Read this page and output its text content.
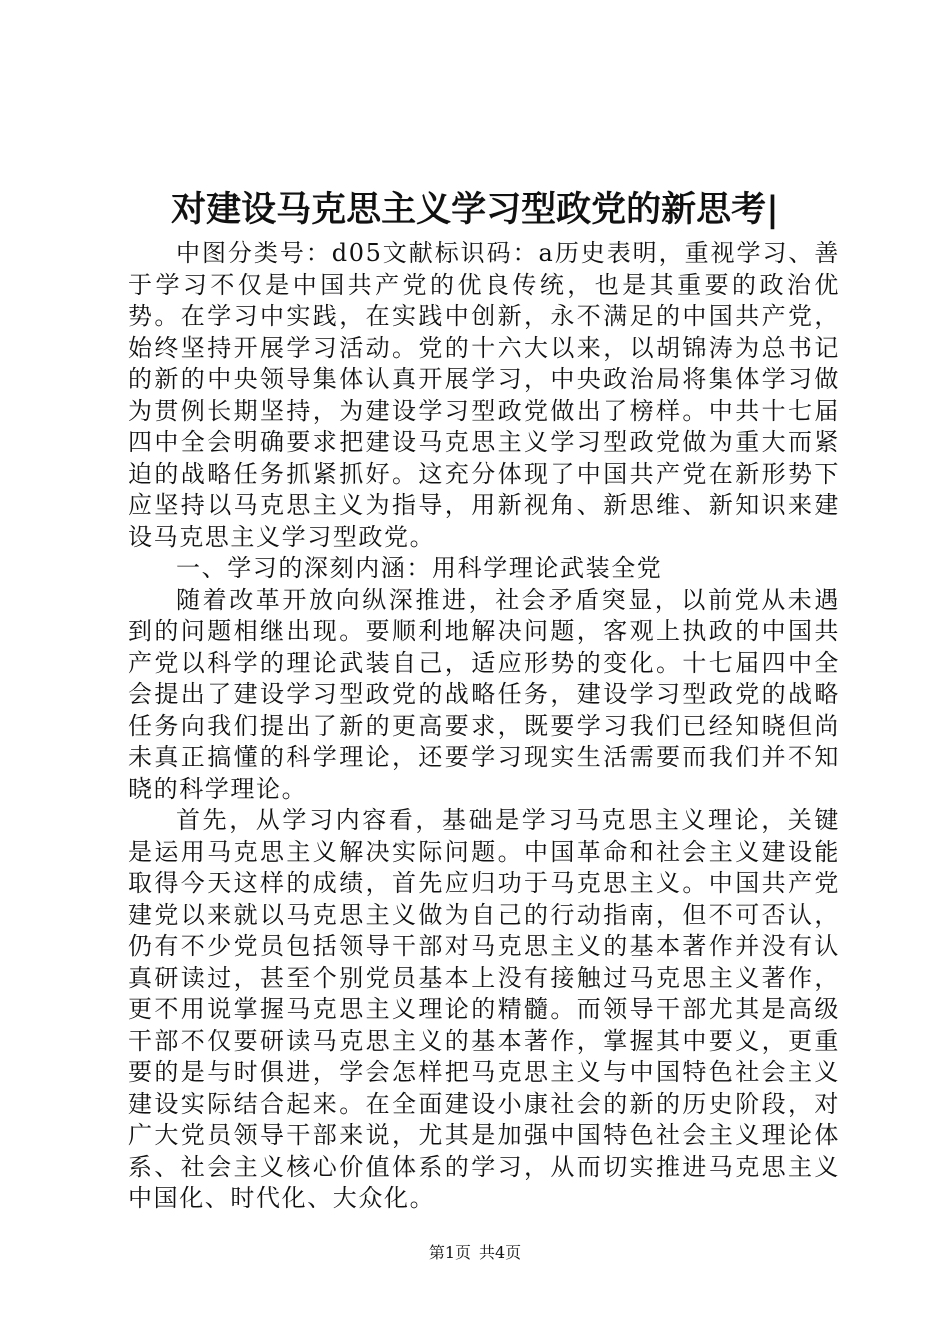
对建设马克思主义学习型政党的新思考|

中图分类号：d05文献标识码：a历史表明，重视学习、善于学习不仅是中国共产党的优良传统，也是其重要的政治优势。在学习中实践，在实践中创新，永不满足的中国共产党，始终坚持开展学习活动。党的十六大以来，以胡锦涛为总书记的新的中央领导集体认真开展学习，中央政治局将集体学习做为贯例长期坚持，为建设学习型政党做出了榜样。中共十七届四中全会明确要求把建设马克思主义学习型政党做为重大而紧迫的战略任务抓紧抓好。这充分体现了中国共产党在新形势下应坚持以马克思主义为指导，用新视角、新思维、新知识来建设马克思主义学习型政党。

一、学习的深刻内涵：用科学理论武装全党

随着改革开放向纵深推进，社会矛盾突显，以前党从未遇到的问题相继出现。要顺利地解决问题，客观上执政的中国共产党以科学的理论武装自己，适应形势的变化。十七届四中全会提出了建设学习型政党的战略任务，建设学习型政党的战略任务向我们提出了新的更高要求，既要学习我们已经知晓但尚未真正搞懂的科学理论，还要学习现实生活需要而我们并不知晓的科学理论。

首先，从学习内容看，基础是学习马克思主义理论，关键是运用马克思主义解决实际问题。中国革命和社会主义建设能取得今天这样的成绩，首先应归功于马克思主义。中国共产党建党以来就以马克思主义做为自己的行动指南，但不可否认，仍有不少党员包括领导干部对马克思主义的基本著作并没有认真研读过，甚至个别党员基本上没有接触过马克思主义著作，更不用说掌握马克思主义理论的精髓。而领导干部尤其是高级干部不仅要研读马克思主义的基本著作，掌握其中要义，更重要的是与时俱进，学会怎样把马克思主义与中国特色社会主义建设实际结合起来。在全面建设小康社会的新的历史阶段，对广大党员领导干部来说，尤其是加强中国特色社会主义理论体系、社会主义核心价值体系的学习，从而切实推进马克思主义中国化、时代化、大众化。

第1页 共4页
